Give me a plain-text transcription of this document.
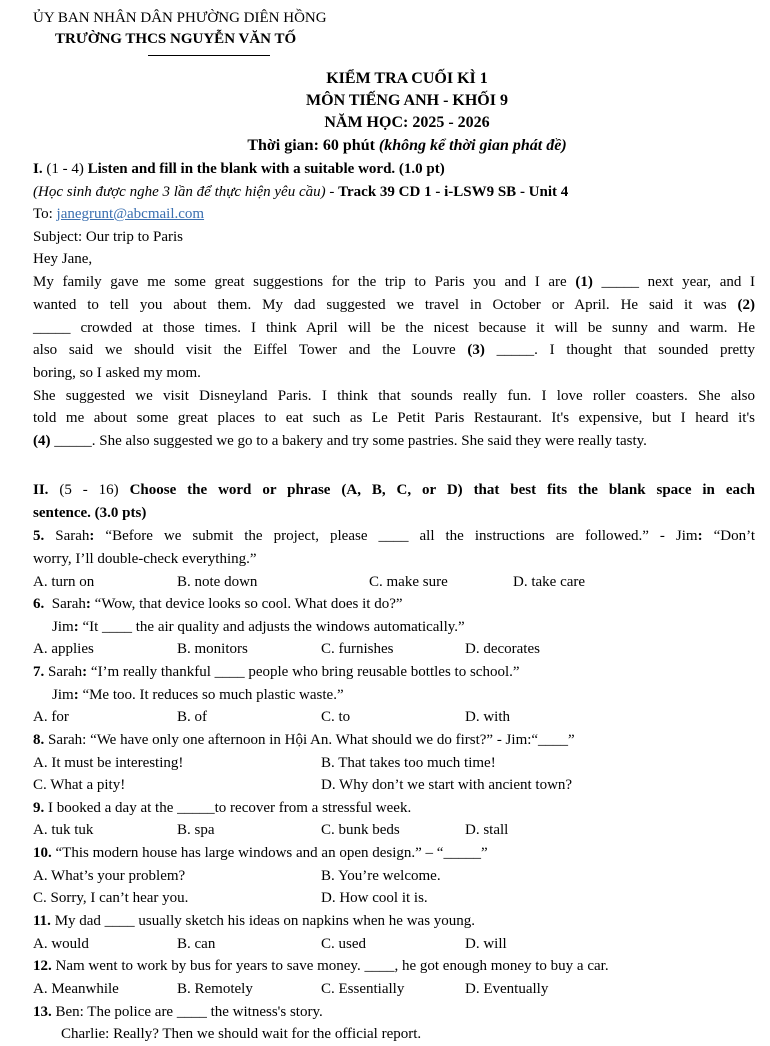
ỦY BAN NHÂN DÂN PHƯỜNG DIÊN HỒNG
TRƯỜNG THCS NGUYỄN VĂN TỐ
KIỂM TRA CUỐI KÌ 1
MÔN TIẾNG ANH - KHỐI 9
NĂM HỌC: 2025 - 2026
Thời gian: 60 phút (không kể thời gian phát đề)
I. (1 - 4) Listen and fill in the blank with a suitable word. (1.0 pt)
(Học sinh được nghe 3 lần để thực hiện yêu cầu) - Track 39 CD 1 - i-LSW9 SB - Unit 4
To: janegrunt@abcmail.com
Subject: Our trip to Paris
Hey Jane,
My family gave me some great suggestions for the trip to Paris you and I are (1) _____ next year, and I
wanted to tell you about them. My dad suggested we travel in October or April. He said it was (2)
_____ crowded at those times. I think April will be the nicest because it will be sunny and warm. He
also said we should visit the Eiffel Tower and the Louvre (3) _____. I thought that sounded pretty
boring, so I asked my mom.
She suggested we visit Disneyland Paris. I think that sounds really fun. I love roller coasters. She also
told me about some great places to eat such as Le Petit Paris Restaurant. It's expensive, but I heard it's
(4) _____. She also suggested we go to a bakery and try some pastries. She said they were really tasty.
II. (5 - 16) Choose the word or phrase (A, B, C, or D) that best fits the blank space in each
sentence. (3.0 pts)
5. Sarah: “Before we submit the project, please ____ all the instructions are followed.” - Jim: “Don’t
worry, I’ll double-check everything.”
A. turn on	B. note down	C. make sure	D. take care
6.  Sarah: “Wow, that device looks so cool. What does it do?”
Jim: “It ____ the air quality and adjusts the windows automatically.”
A. applies	B. monitors	C. furnishes	D. decorates
7. Sarah: “I’m really thankful ____ people who bring reusable bottles to school.”
Jim: “Me too. It reduces so much plastic waste.”
A. for	B. of	C. to	D. with
8. Sarah: “We have only one afternoon in Hội An. What should we do first?” - Jim:“____”
A. It must be interesting!	B. That takes too much time!
C. What a pity!	D. Why don’t we start with ancient town?
9. I booked a day at the _____to recover from a stressful week.
A. tuk tuk	B. spa	C. bunk beds	D. stall
10. “This modern house has large windows and an open design.” – “_____”
A. What’s your problem?	B. You’re welcome.
C. Sorry, I can’t hear you.	D. How cool it is.
11. My dad ____ usually sketch his ideas on napkins when he was young.
A. would	B. can	C. used	D. will
12. Nam went to work by bus for years to save money. ____, he got enough money to buy a car.
A. Meanwhile	B. Remotely	C. Essentially	D. Eventually
13. Ben: The police are ____ the witness's story.
Charlie: Really? Then we should wait for the official report.
